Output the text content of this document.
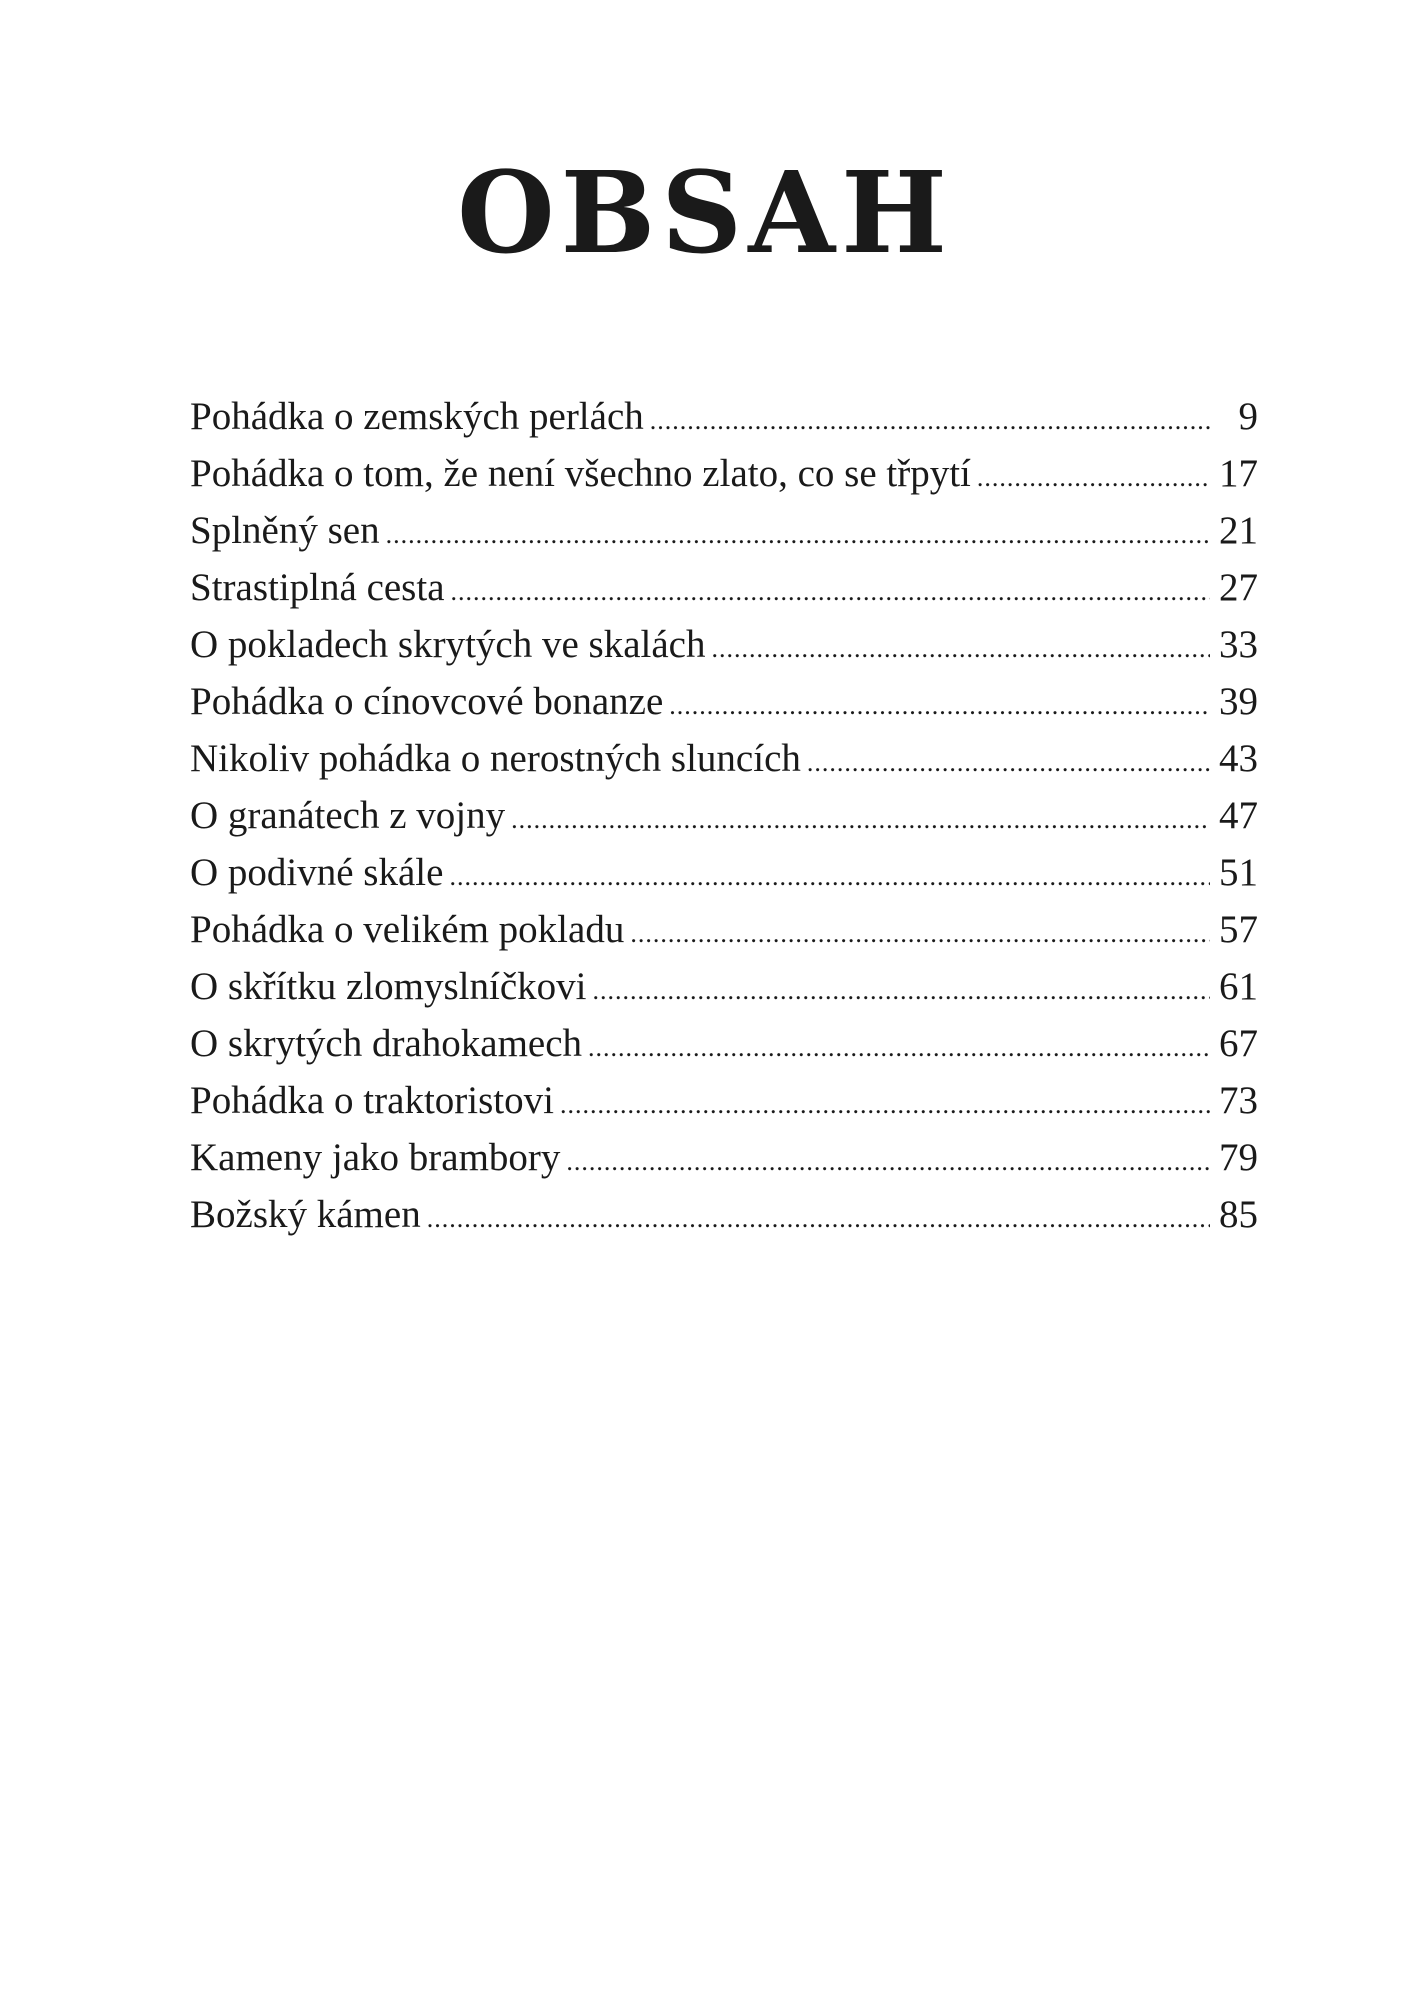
OBSAH
Pohádka o zemských perlách .....	9
Pohádka o tom, že není všechno zlato, co se třpytí .....	17
Splněný sen .....	21
Strastiplná cesta .....	27
O pokladech skrytých ve skalách .....	33
Pohádka o cínovcové bonanze .....	39
Nikoliv pohádka o nerostných sluncích .....	43
O granátech z vojny .....	47
O podivné skále .....	51
Pohádka o velikém pokladu .....	57
O skřítku zlomyslníčkovi .....	61
O skrytých drahokamech .....	67
Pohádka o traktoristovi .....	73
Kameny jako brambory .....	79
Božský kámen .....	85
